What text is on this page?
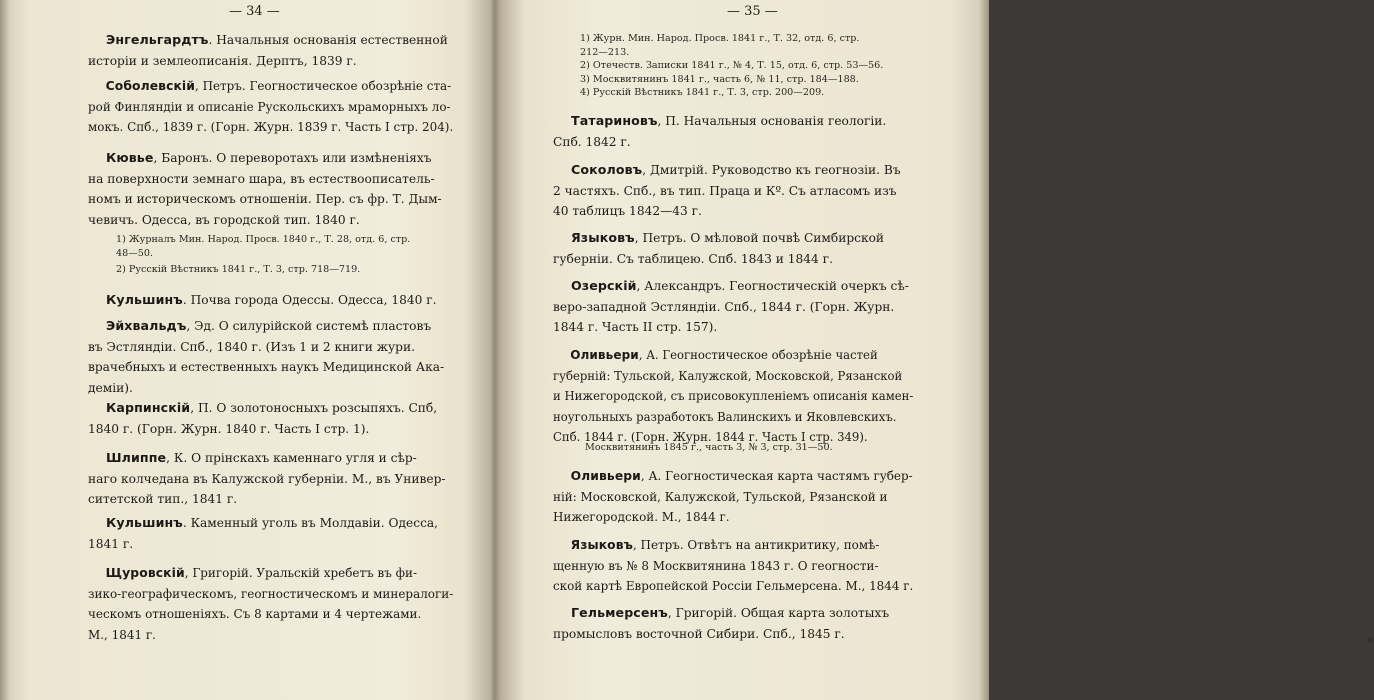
— 34 —
Энгельгардтъ. Начальныя основанія естественной
исторіи и землеописанія. Дерптъ, 1839 г.
Соболевскій, Петръ. Геогностическое обозрѣніе ста-
рой Финляндіи и описаніе Рускольскихъ мраморныхъ ло-
мокъ. Спб., 1839 г. (Горн. Журн. 1839 г. Часть І стр. 204).
Кювье, Баронъ. О переворотахъ или измѣненіяхъ
на поверхности земнаго шара, въ естествоописатель-
номъ и историческомъ отношеніи. Пер. съ фр. Т. Дым-
чевичъ. Одесса, въ городской тип. 1840 г.
1) Журналъ Мин. Народ. Просв. 1840 г., Т. 28, отд. 6, стр.
48—50.
2) Русскій Вѣстникъ 1841 г., Т. 3, стр. 718—719.
Кульшинъ. Почва города Одессы. Одесса, 1840 г.
Эйхвальдъ, Эд. О силурійской системѣ пластовъ
въ Эстляндіи. Спб., 1840 г. (Изъ 1 и 2 книги жури.
врачебныхъ и естественныхъ наукъ Медицинской Ака-
деміи).
Карпинскій, П. О золотоносныхъ розсыпяхъ. Спб,
1840 г. (Горн. Журн. 1840 г. Часть I стр. 1).
Шлиппе, К. О прінскахъ каменнаго угля и сѣр-
наго колчедана въ Калужской губерніи. М., въ Универ-
ситетской тип., 1841 г.
Кульшинъ. Каменный уголь въ Молдавіи. Одесса,
1841 г.
Щуровскій, Григорій. Уральскій хребетъ въ фи-
зико-географическомъ, геогностическомъ и минералоги-
ческомъ отношеніяхъ. Съ 8 картами и 4 чертежами.
М., 1841 г.
— 35 —
1) Журн. Мин. Народ. Просв. 1841 г., Т. 32, отд. 6, стр.
212—213.
2) Отечеств. Записки 1841 г., № 4, Т. 15, отд. 6, стр. 53—56.
3) Москвитянинъ 1841 г., часть 6, № 11, стр. 184—188.
4) Русскій Вѣстникъ 1841 г., Т. 3, стр. 200—209.
Татариновъ, П. Начальныя основанія геологіи.
Спб. 1842 г.
Соколовъ, Дмитрій. Руководство къ геогнозіи. Въ
2 частяхъ. Спб., въ тип. Праца и Кº. Съ атласомъ изъ
40 таблицъ 1842—43 г.
Языковъ, Петръ. О мѣловой почвѣ Симбирской
губерніи. Съ таблицею. Спб. 1843 и 1844 г.
Озерскій, Александръ. Геогностическій очеркъ сѣ-
веро-западной Эстляндіи. Спб., 1844 г. (Горн. Журн.
1844 г. Часть II стр. 157).
Оливьери, А. Геогностическое обозрѣніе частей
губерній: Тульской, Калужской, Московской, Рязанской
и Нижегородской, съ присовокупленіемъ описанія камен-
ноугольныхъ разработокъ Валинскихъ и Яковлевскихъ.
Спб. 1844 г. (Горн. Журн. 1844 г. Часть I стр. 349).
Москвитянинъ 1845 г., часть 3, № 3, стр. 31—50.
Оливьери, А. Геогностическая карта частямъ губер-
ній: Московской, Калужской, Тульской, Рязанской и
Нижегородской. М., 1844 г.
Языковъ, Петръ. Отвѣтъ на антикритику, помѣ-
щенную въ № 8 Москвитянина 1843 г. О геогности-
ской картѣ Европейской Россіи Гельмерсена. М., 1844 г.
Гельмерсенъ, Григорій. Общая карта золотыхъ
промысловъ восточной Сибири. Спб., 1845 г.
*
